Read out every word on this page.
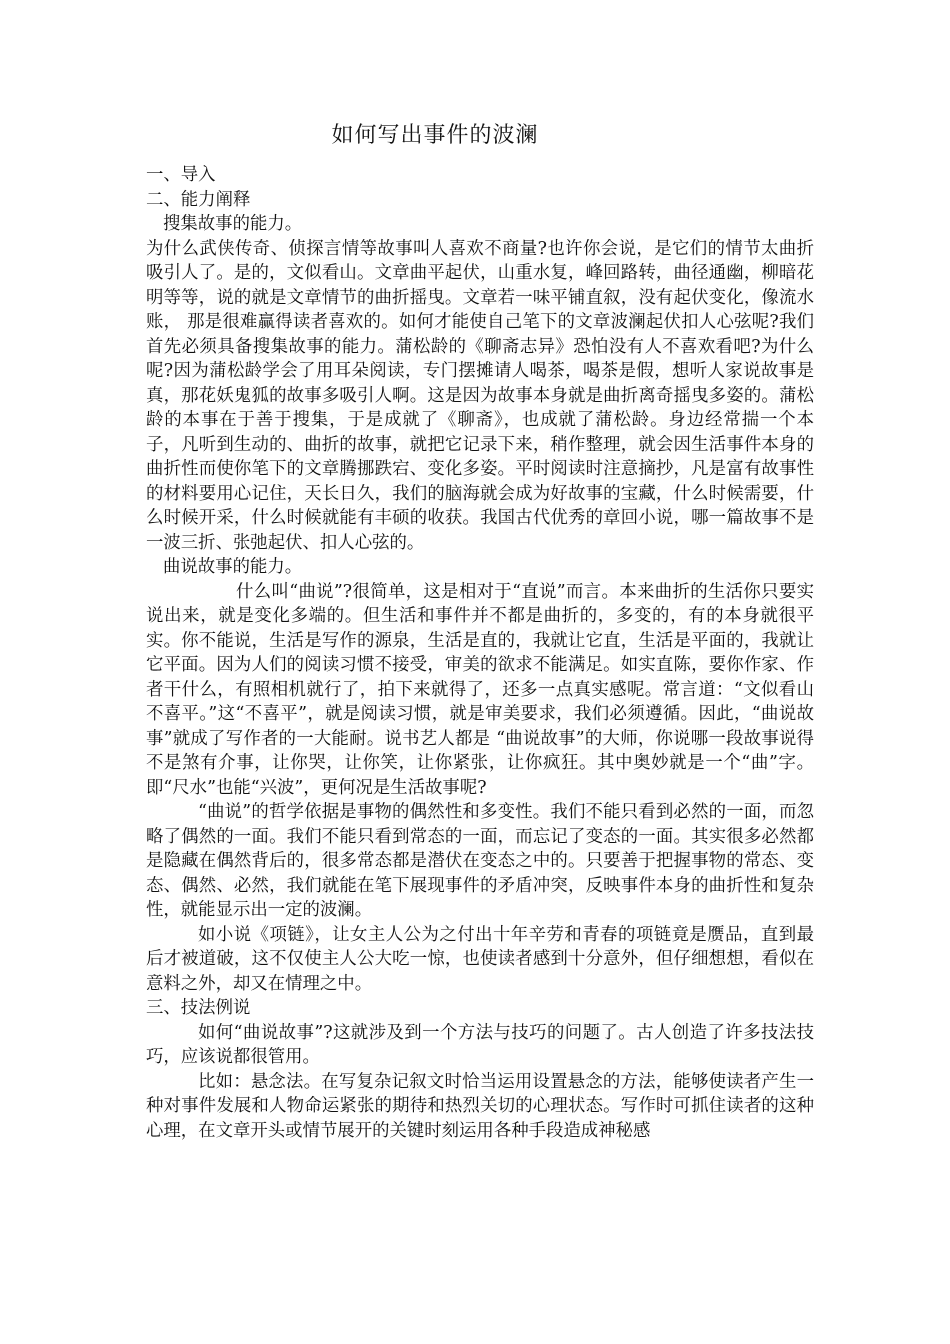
如何写出事件的波澜

一、导入

二、能力阐释

搜集故事的能力。

为什么武侠传奇、侦探言情等故事叫人喜欢不商量?也许你会说，是它们的情节太曲折吸引人了。是的，文似看山。文章曲平起伏，山重水复，峰回路转，曲径通幽，柳暗花明等等，说的就是文章情节的曲折摇曳。文章若一味平铺直叙，没有起伏变化，像流水账， 那是很难赢得读者喜欢的。如何才能使自己笔下的文章波澜起伏扣人心弦呢?我们首先必须具备搜集故事的能力。蒲松龄的《聊斋志异》恐怕没有人不喜欢看吧?为什么呢?因为蒲松龄学会了用耳朵阅读，专门摆摊请人喝茶，喝茶是假，想听人家说故事是真，那花妖鬼狐的故事多吸引人啊。这是因为故事本身就是曲折离奇摇曳多姿的。蒲松龄的本事在于善于搜集，于是成就了《聊斋》，也成就了蒲松龄。身边经常揣一个本子，凡听到生动的、曲折的故事，就把它记录下来，稍作整理，就会因生活事件本身的曲折性而使你笔下的文章腾挪跌宕、变化多姿。平时阅读时注意摘抄，凡是富有故事性的材料要用心记住，天长日久，我们的脑海就会成为好故事的宝藏，什么时候需要，什么时候开采，什么时候就能有丰硕的收获。我国古代优秀的章回小说，哪一篇故事不是一波三折、张弛起伏、扣人心弦的。

曲说故事的能力。

什么叫“曲说”?很简单，这是相对于“直说”而言。本来曲折的生活你只要实说出来，就是变化多端的。但生活和事件并不都是曲折的，多变的，有的本身就很平实。你不能说，生活是写作的源泉，生活是直的，我就让它直，生活是平面的，我就让它平面。因为人们的阅读习惯不接受，审美的欲求不能满足。如实直陈，要你作家、作者干什么，有照相机就行了，拍下来就得了，还多一点真实感呢。常言道：“文似看山不喜平。”这“不喜平”，就是阅读习惯，就是审美要求，我们必须遵循。因此，“曲说故事”就成了写作者的一大能耐。说书艺人都是 “曲说故事”的大师，你说哪一段故事说得不是煞有介事，让你哭，让你笑，让你紧张，让你疯狂。其中奥妙就是一个“曲”字。即“尺水”也能“兴波”，更何况是生活故事呢?

“曲说”的哲学依据是事物的偶然性和多变性。我们不能只看到必然的一面，而忽略了偶然的一面。我们不能只看到常态的一面，而忘记了变态的一面。其实很多必然都是隐藏在偶然背后的，很多常态都是潜伏在变态之中的。只要善于把握事物的常态、变态、偶然、必然，我们就能在笔下展现事件的矛盾冲突，反映事件本身的曲折性和复杂性，就能显示出一定的波澜。

如小说《项链》，让女主人公为之付出十年辛劳和青春的项链竟是赝品，直到最后才被道破，这不仅使主人公大吃一惊，也使读者感到十分意外，但仔细想想，看似在意料之外，却又在情理之中。

三、技法例说

如何“曲说故事”?这就涉及到一个方法与技巧的问题了。古人创造了许多技法技巧，应该说都很管用。

比如：悬念法。在写复杂记叙文时恰当运用设置悬念的方法，能够使读者产生一种对事件发展和人物命运紧张的期待和热烈关切的心理状态。写作时可抓住读者的这种心理，在文章开头或情节展开的关键时刻运用各种手段造成神秘感
